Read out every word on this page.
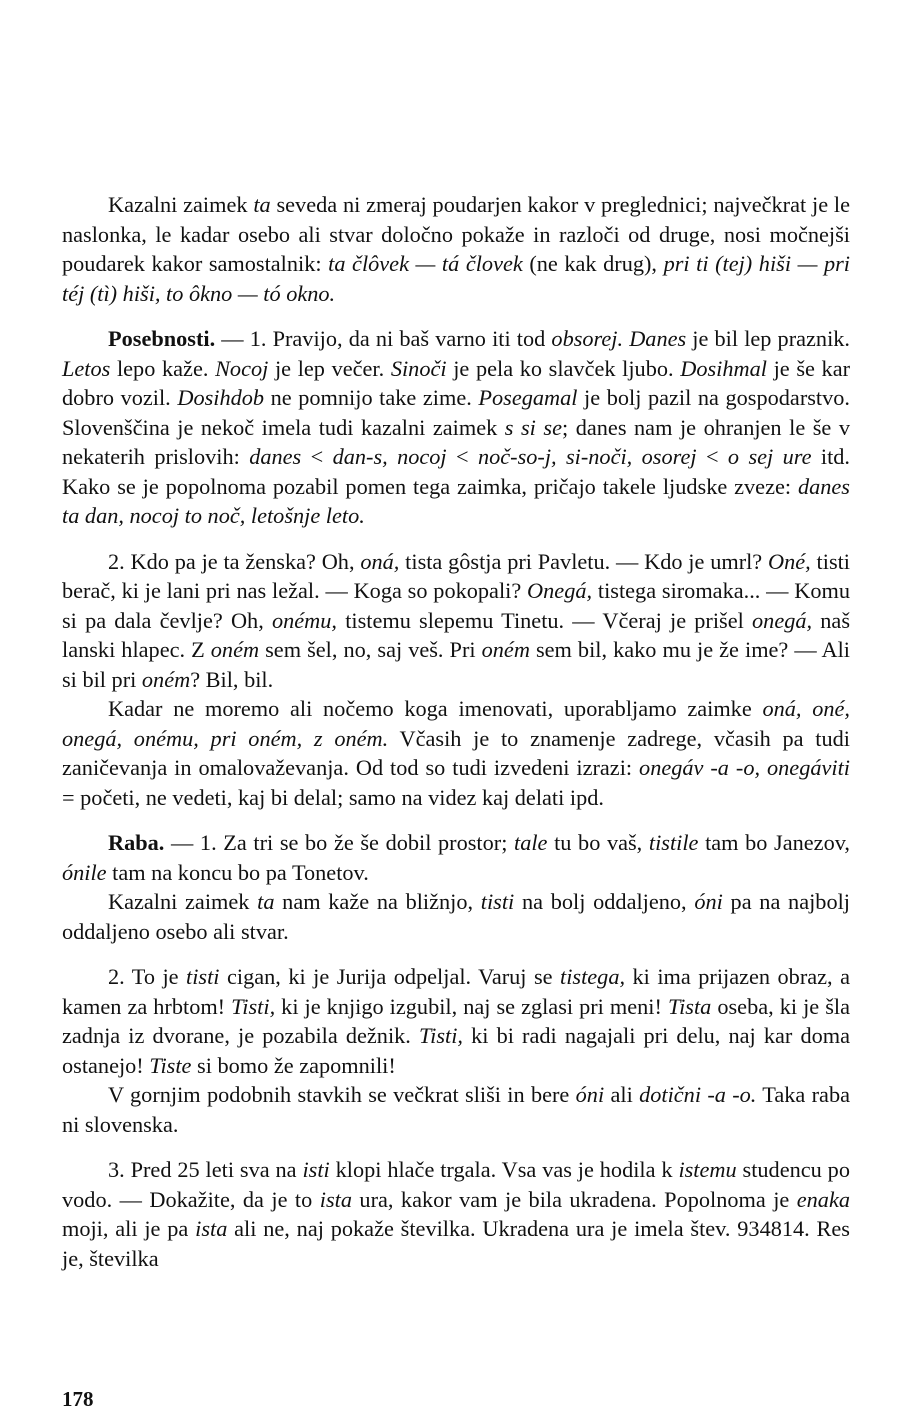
Kazalni zaimek ta seveda ni zmeraj poudarjen kakor v preglednici; največkrat je le naslonka, le kadar osebo ali stvar določno pokaže in razloči od druge, nosi močnejši poudarek kakor samostalnik: ta člôvek — tá človek (ne kak drug), pri ti (tej) hiši — pri téj (tì) hiši, to ôkno — tó okno.

Posebnosti. — 1. Pravijo, da ni baš varno iti tod obsorej. Danes je bil lep praznik. Letos lepo kaže. Nocoj je lep večer. Sinoči je pela ko slavček ljubo. Dosihmal je še kar dobro vozil. Dosihdob ne pomnijo take zime. Posegamal je bolj pazil na gospodarstvo. Slovenščina je nekoč imela tudi kazalni zaimek s si se; danes nam je ohranjen le še v nekaterih prislovih: danes < dan-s, nocoj < noč-so-j, si-noči, osorej < o sej ure itd. Kako se je popolnoma pozabil pomen tega zaimka, pričajo takele ljudske zveze: danes ta dan, nocoj to noč, letošnje leto.

2. Kdo pa je ta ženska? Oh, oná, tista gôstja pri Pavletu. — Kdo je umrl? Oné, tisti berač, ki je lani pri nas ležal. — Koga so pokopali? Onegá, tistega siromaka... — Komu si pa dala čevlje? Oh, onému, tistemu slepemu Tinetu. — Včeraj je prišel onegá, naš lanski hlapec. Z oném sem šel, no, saj veš. Pri oném sem bil, kako mu je že ime? — Ali si bil pri oném? Bil, bil.

Kadar ne moremo ali nočemo koga imenovati, uporabljamo zaimke oná, oné, onegá, onému, pri oném, z oném. Včasih je to znamenje zadrege, včasih pa tudi zaničevanja in omalovaževanja. Od tod so tudi izvedeni izrazi: onegáv -a -o, onegáviti = početi, ne vedeti, kaj bi delal; samo na videz kaj delati ipd.

Raba. — 1. Za tri se bo že še dobil prostor; tale tu bo vaš, tistile tam bo Janezov, ónile tam na koncu bo pa Tonetov.

Kazalni zaimek ta nam kaže na bližnjo, tisti na bolj oddaljeno, óni pa na najbolj oddaljeno osebo ali stvar.

2. To je tisti cigan, ki je Jurija odpeljal. Varuj se tistega, ki ima prijazen obraz, a kamen za hrbtom! Tisti, ki je knjigo izgubil, naj se zglasi pri meni! Tista oseba, ki je šla zadnja iz dvorane, je pozabila dežnik. Tisti, ki bi radi nagajali pri delu, naj kar doma ostanejo! Tiste si bomo že zapomnili!

V gornjim podobnih stavkih se večkrat sliši in bere óni ali dotični -a -o. Taka raba ni slovenska.

3. Pred 25 leti sva na isti klopi hlače trgala. Vsa vas je hodila k istemu studencu po vodo. — Dokažite, da je to ista ura, kakor vam je bila ukradena. Popolnoma je enaka moji, ali je pa ista ali ne, naj pokaže številka. Ukradena ura je imela štev. 934814. Res je, številka

178
